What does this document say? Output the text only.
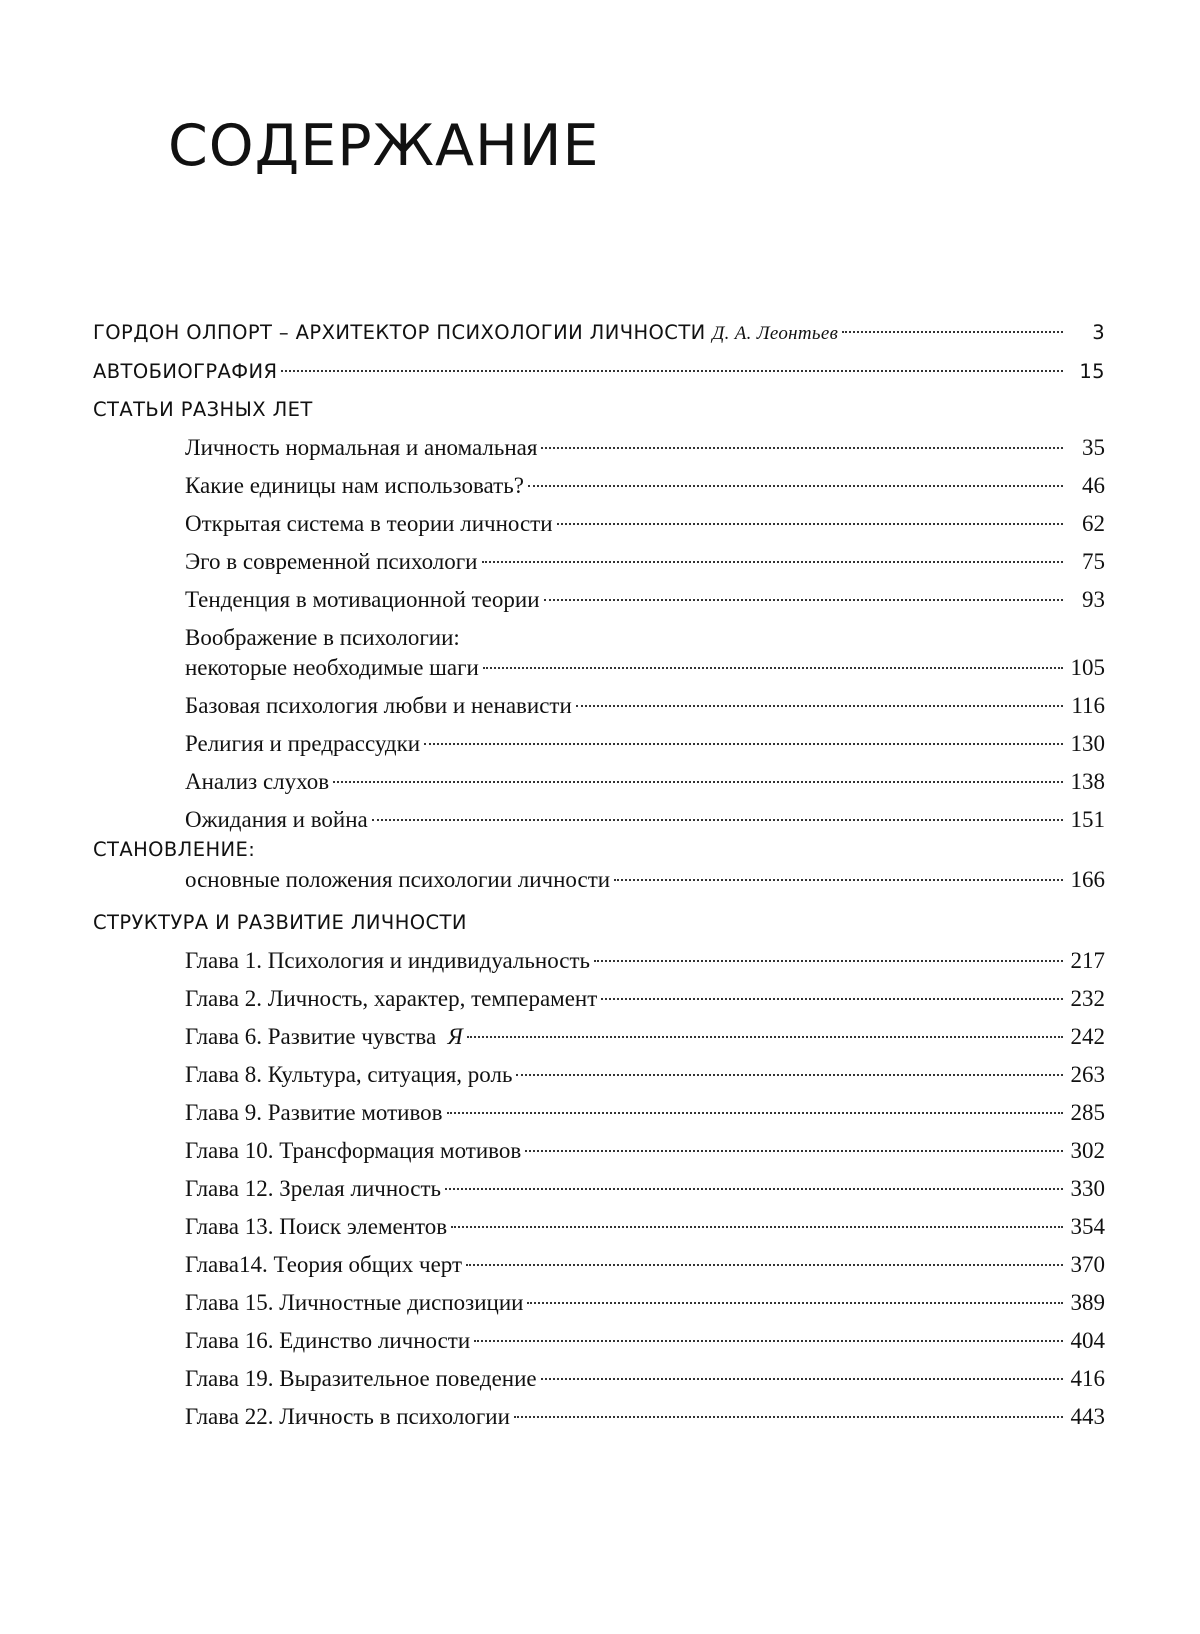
СОДЕРЖАНИЕ
ГОРДОН ОЛПОРТ – АРХИТЕКТОР ПСИХОЛОГИИ ЛИЧНОСТИ Д. А. Леонтьев	3
АВТОБИОГРАФИЯ	15
СТАТЬИ РАЗНЫХ ЛЕТ
Личность нормальная и аномальная	35
Какие единицы нам использовать?	46
Открытая система в теории личности	62
Эго в современной психологи	75
Тенденция в мотивационной теории	93
Воображение в психологии:
некоторые необходимые шаги	105
Базовая психология любви и ненависти	116
Религия и предрассудки	130
Анализ слухов	138
Ожидания и война	151
СТАНОВЛЕНИЕ:
основные положения психологии личности	166
СТРУКТУРА И РАЗВИТИЕ ЛИЧНОСТИ
Глава 1. Психология и индивидуальность	217
Глава 2. Личность, характер, темперамент	232
Глава 6. Развитие чувства Я	242
Глава 8. Культура, ситуация, роль	263
Глава 9. Развитие мотивов	285
Глава 10. Трансформация мотивов	302
Глава 12. Зрелая личность	330
Глава 13. Поиск элементов	354
Глава14. Теория общих черт	370
Глава 15. Личностные диспозиции	389
Глава 16. Единство личности	404
Глава 19. Выразительное поведение	416
Глава 22. Личность в психологии	443
